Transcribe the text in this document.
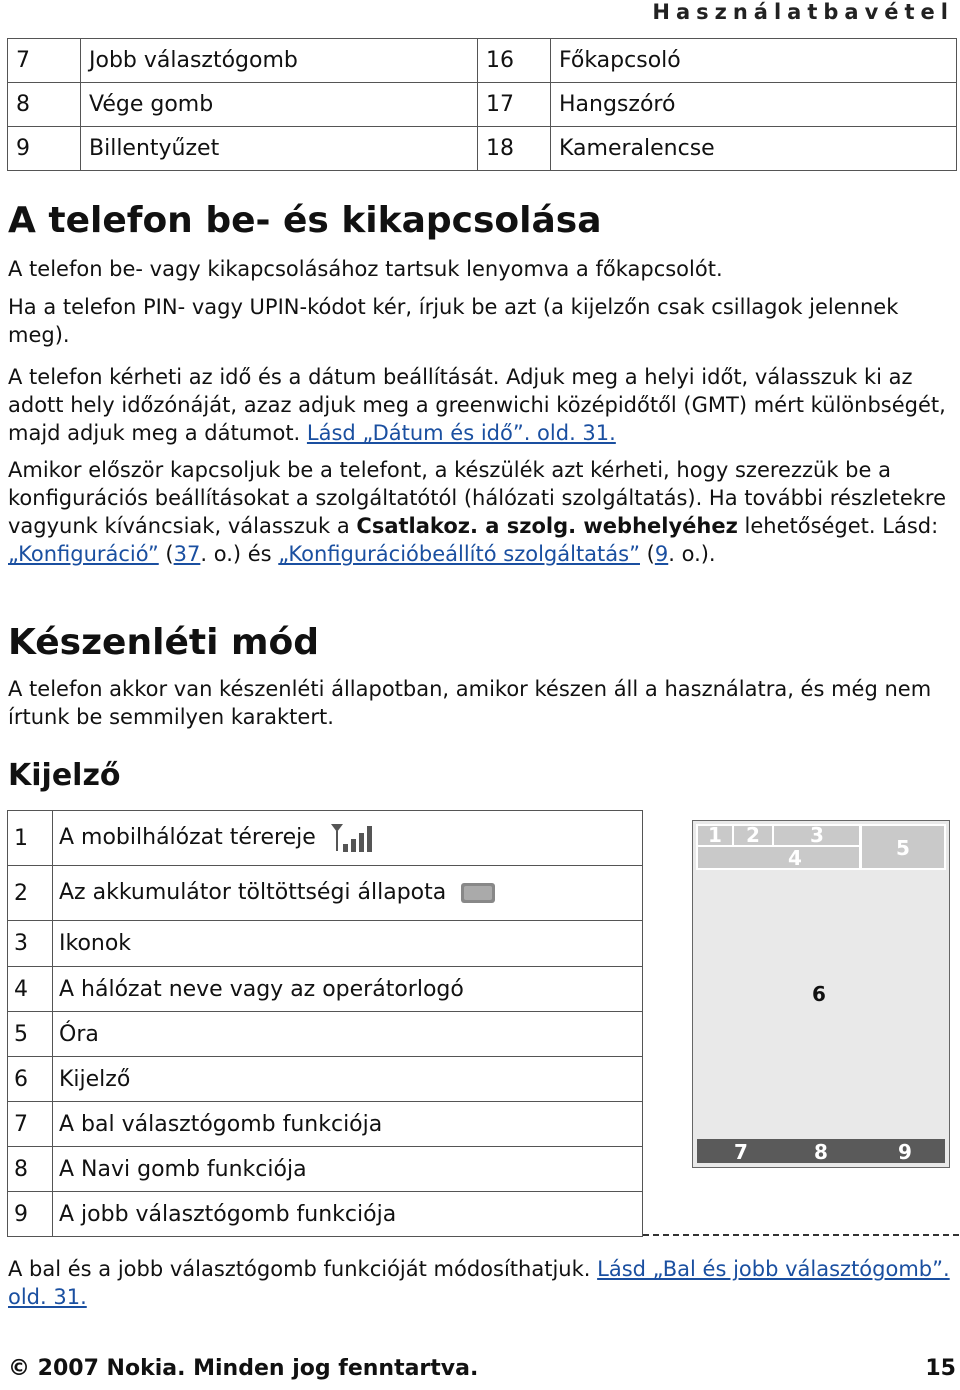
Használatbavétel
7	Jobb választógomb	16	Főkapcsoló
8	Vége gomb	17	Hangszóró
9	Billentyűzet	18	Kameralencse
A telefon be- és kikapcsolása

A telefon be- vagy kikapcsolásához tartsuk lenyomva a főkapcsolót.

Ha a telefon PIN- vagy UPIN-kódot kér, írjuk be azt (a kijelzőn csak csillagok jelennek meg).

A telefon kérheti az idő és a dátum beállítását. Adjuk meg a helyi időt, válasszuk ki az adott hely időzónáját, azaz adjuk meg a greenwichi középidőtől (GMT) mért különbségét, majd adjuk meg a dátumot. Lásd „Dátum és idő”. old. 31.

Amikor először kapcsoljuk be a telefont, a készülék azt kérheti, hogy szerezzük be a konfigurációs beállításokat a szolgáltatótól (hálózati szolgáltatás). Ha további részletekre vagyunk kíváncsiak, válasszuk a Csatlakoz. a szolg. webhelyéhez lehetőséget. Lásd: „Konfiguráció” (37. o.) és „Konfigurációbeállító szolgáltatás” (9. o.).

Készenléti mód

A telefon akkor van készenléti állapotban, amikor készen áll a használatra, és még nem írtunk be semmilyen karaktert.

Kijelző
1	A mobilhálózat térereje
2	Az akkumulátor töltöttségi állapota
3	Ikonok
4	A hálózat neve vagy az operátorlogó
5	Óra
6	Kijelző
7	A bal választógomb funkciója
8	A Navi gomb funkciója
9	A jobb választógomb funkciója
1 2	3
4	5
6
7	8	9

A bal és a jobb választógomb funkcióját módosíthatjuk. Lásd „Bal és jobb választógomb”. old. 31.

© 2007 Nokia. Minden jog fenntartva.	15
